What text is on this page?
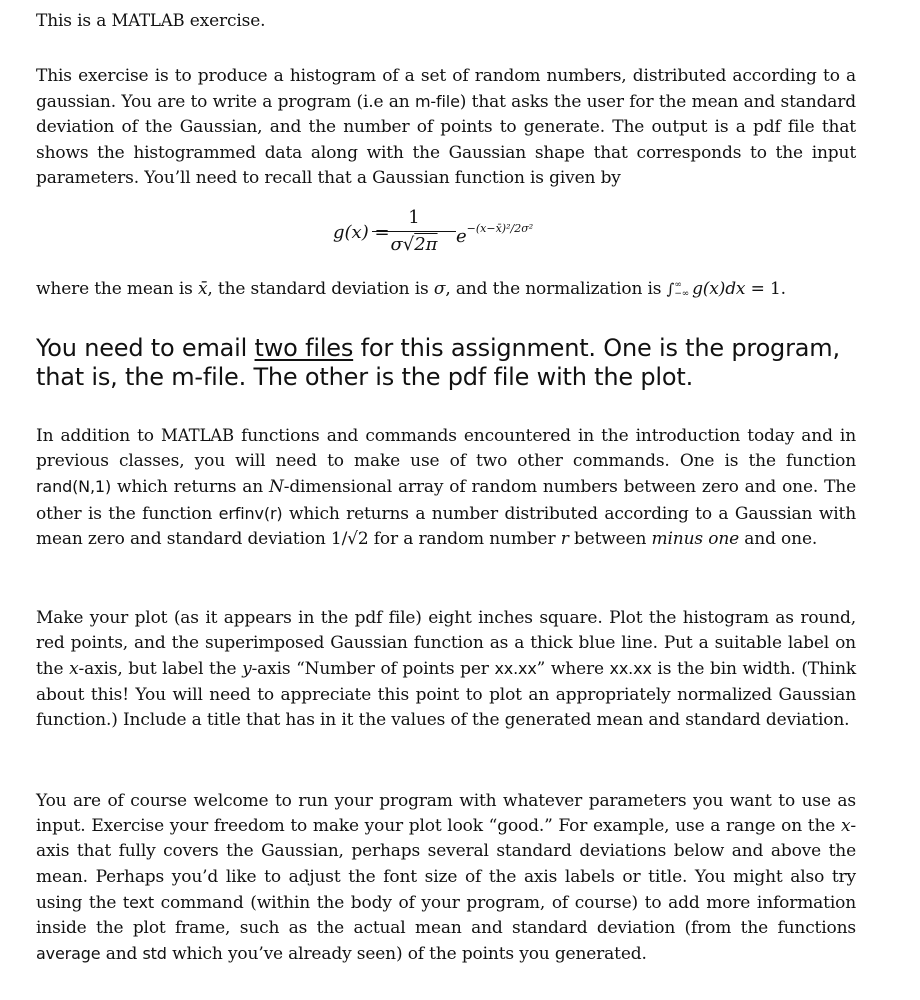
This is a MATLAB exercise.

This exercise is to produce a histogram of a set of random numbers, distributed according to a gaussian. You are to write a program (i.e an m-file) that asks the user for the mean and standard deviation of the Gaussian, and the number of points to generate. The output is a pdf file that shows the histogrammed data along with the Gaussian shape that corresponds to the input parameters. You’ll need to recall that a Gaussian function is given by

g(x) =
1
σ√2π	$e^{-(x-x̄)^2/2\sigma^2}$

where the mean is x̄, the standard deviation is σ, and the normalization is ∫ ∞
−∞ g(x)dx = 1.

You need to email two files for this assignment. One is the program, that is, the m-file. The other is the pdf file with the plot.

In addition to MATLAB functions and commands encountered in the introduction today and in previous classes, you will need to make use of two other commands. One is the function rand(N,1) which returns an N-dimensional array of random numbers between zero and one. The other is the function erfinv(r) which returns a number distributed according to a Gaussian with mean zero and standard deviation 1/√2 for a random number r between minus one and one.

Make your plot (as it appears in the pdf file) eight inches square. Plot the histogram as round, red points, and the superimposed Gaussian function as a thick blue line. Put a suitable label on the x-axis, but label the y-axis “Number of points per xx.xx” where xx.xx is the bin width. (Think about this! You will need to appreciate this point to plot an appropriately normalized Gaussian function.) Include a title that has in it the values of the generated mean and standard deviation.

You are of course welcome to run your program with whatever parameters you want to use as input. Exercise your freedom to make your plot look “good.” For example, use a range on the x-axis that fully covers the Gaussian, perhaps several standard deviations below and above the mean. Perhaps you’d like to adjust the font size of the axis labels or title. You might also try using the text command (within the body of your program, of course) to add more information inside the plot frame, such as the actual mean and standard deviation (from the functions average and std which you’ve already seen) of the points you generated.
